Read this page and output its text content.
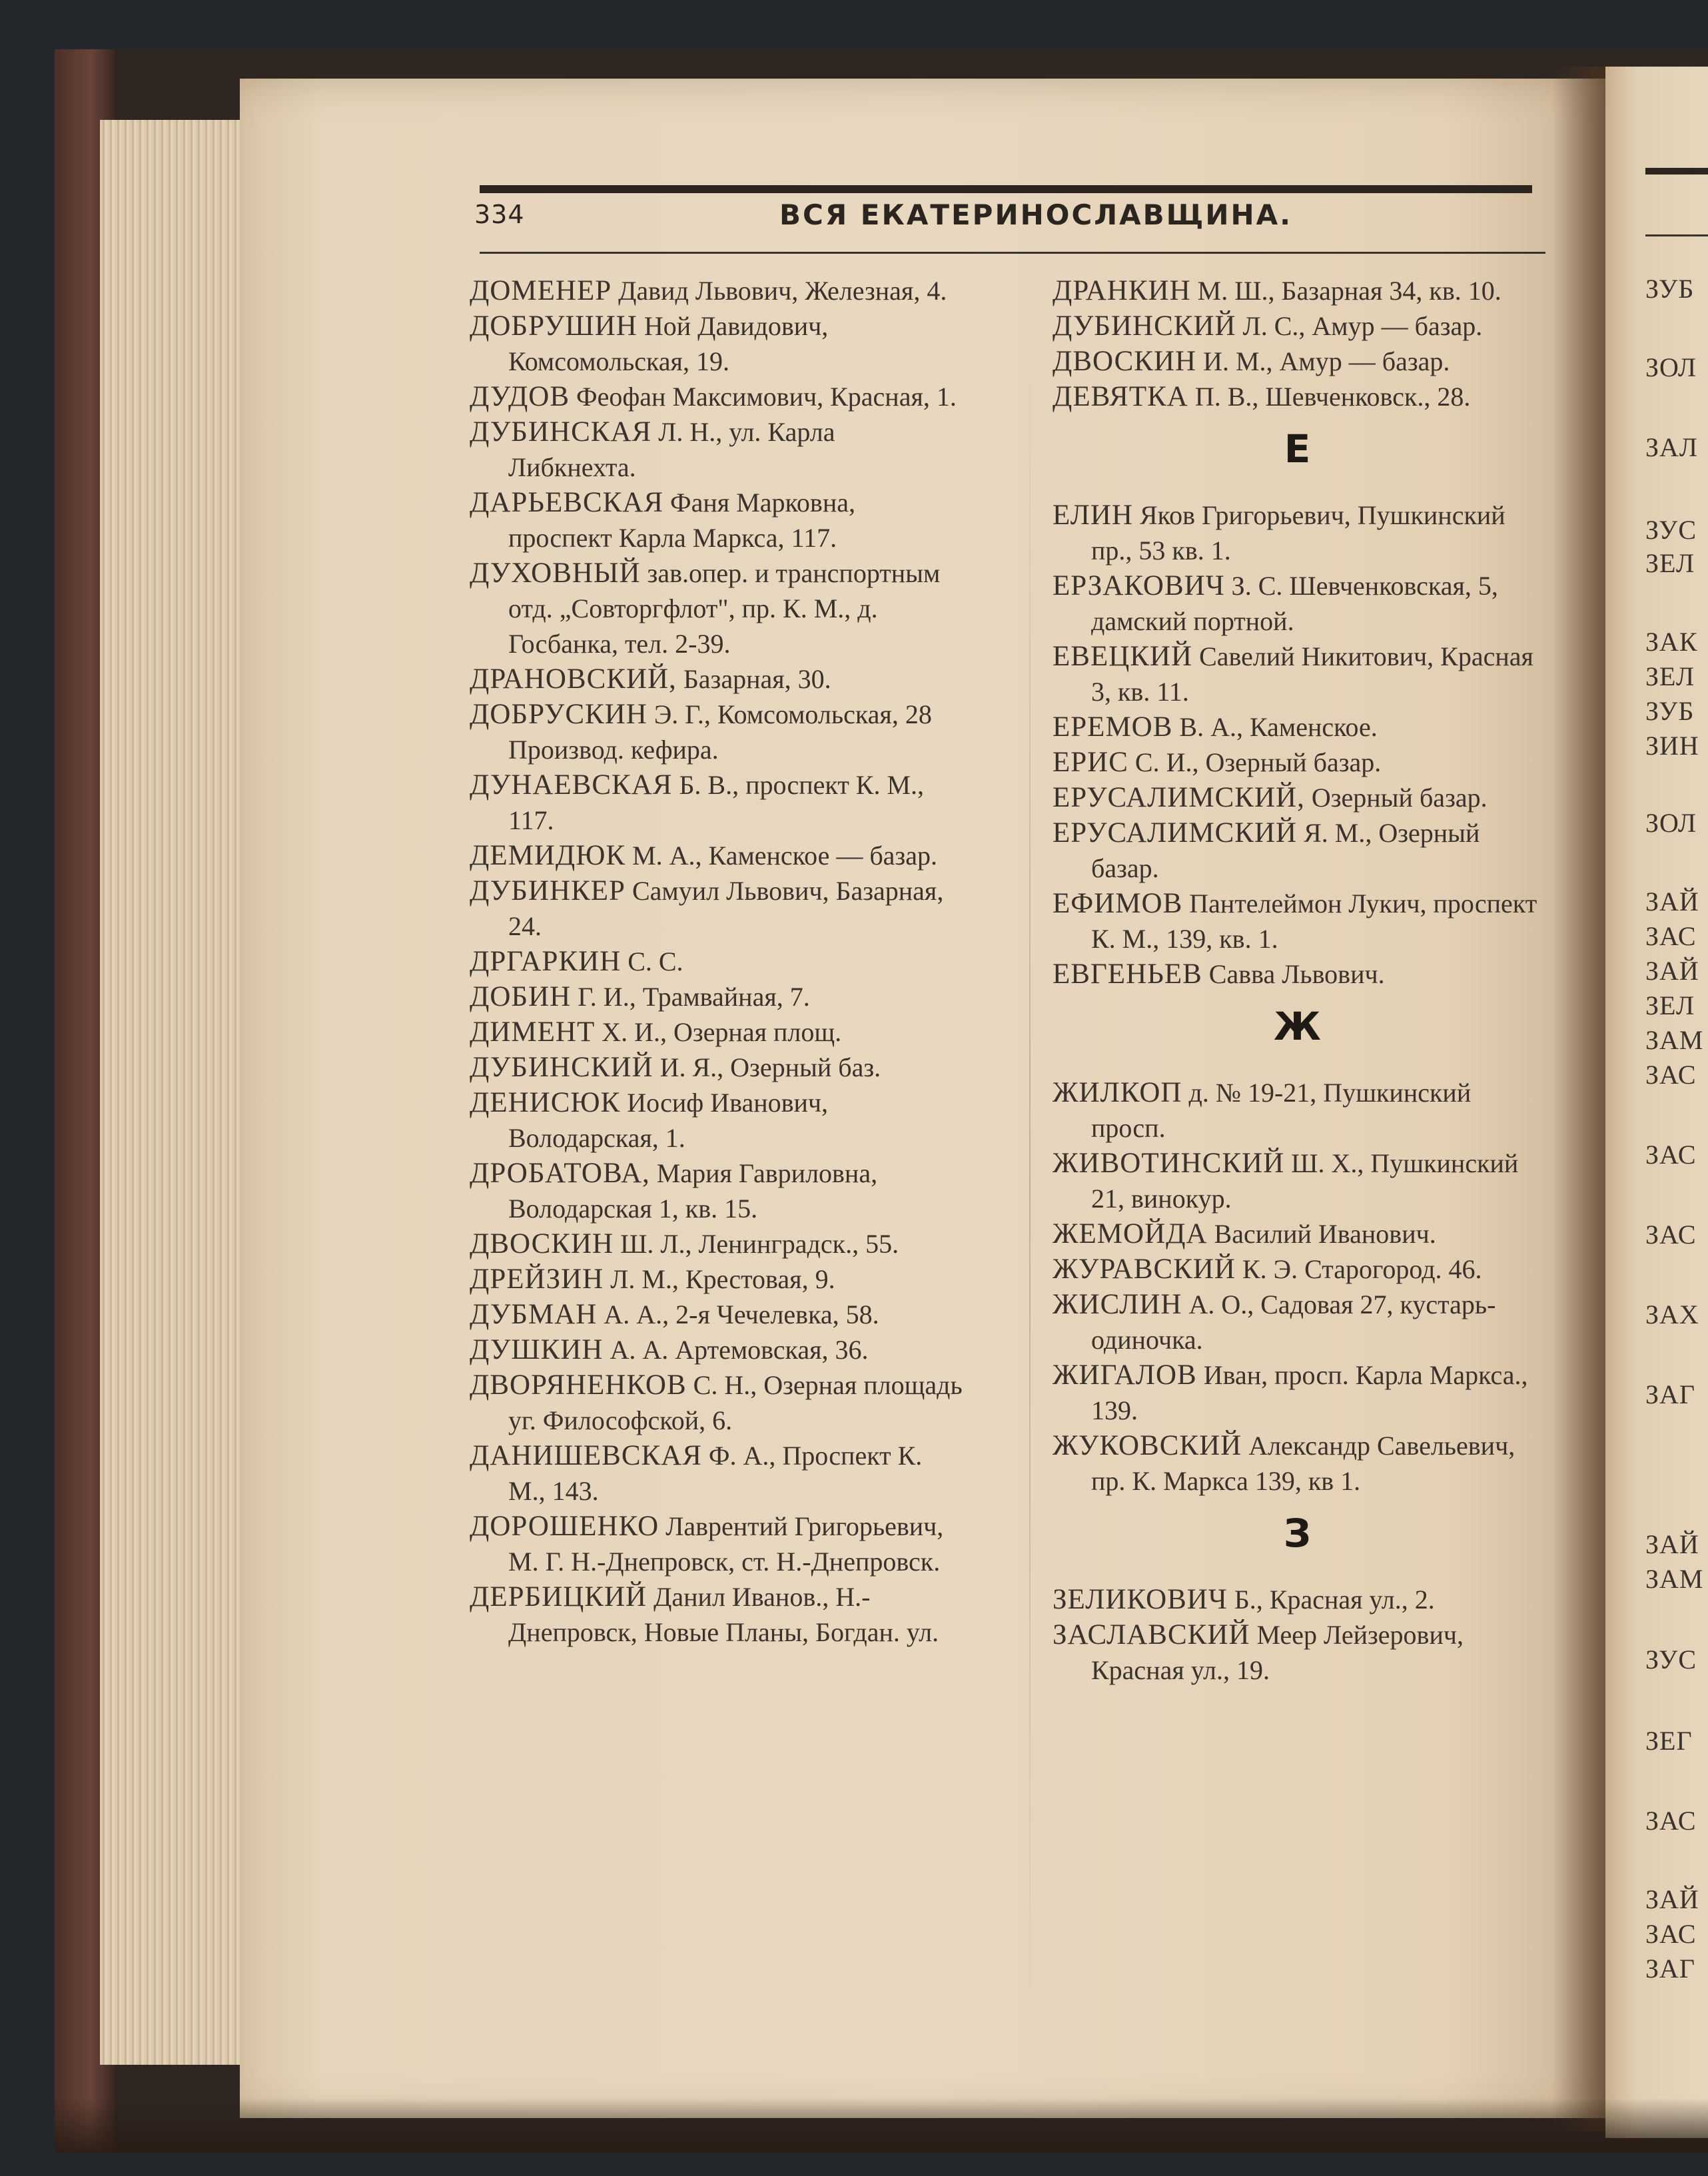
334	ВСЯ ЕКАТЕРИНОСЛАВЩИНА.

ДОМЕНЕР Давид Львович, Железная, 4.

ДОБРУШИН Ной Давидович, Комсомольская, 19.

ДУДОВ Феофан Максимович, Красная, 1.

ДУБИНСКАЯ Л. Н., ул. Карла Либкнехта.

ДАРЬЕВСКАЯ Фаня Марковна, проспект Карла Маркса, 117.

ДУХОВНЫЙ зав.опер. и транспортным отд. „Совторгфлот", пр. К. М., д. Госбанка, тел. 2-39.

ДРАНОВСКИЙ, Базарная, 30.

ДОБРУСКИН Э. Г., Комсомольская, 28 Производ. кефира.

ДУНАЕВСКАЯ Б. В., проспект К. М., 117.

ДЕМИДЮК М. А., Каменское — базар.

ДУБИНКЕР Самуил Львович, Базарная, 24.

ДРГАРКИН С. С.

ДОБИН Г. И., Трамвайная, 7.

ДИМЕНТ Х. И., Озерная площ.

ДУБИНСКИЙ И. Я., Озерный баз.

ДЕНИСЮК Иосиф Иванович, Володарская, 1.

ДРОБАТОВА, Мария Гавриловна, Володарская 1, кв. 15.

ДВОСКИН Ш. Л., Ленинградск., 55.

ДРЕЙЗИН Л. М., Крестовая, 9.

ДУБМАН А. А., 2-я Чечелевка, 58.

ДУШКИН А. А. Артемовская, 36.

ДВОРЯНЕНКОВ С. Н., Озерная площадь уг. Философской, 6.

ДАНИШЕВСКАЯ Ф. А., Проспект К. М., 143.

ДОРОШЕНКО Лаврентий Григорьевич, М. Г. Н.-Днепровск, ст. Н.-Днепровск.

ДЕРБИЦКИЙ Данил Иванов., Н.-Днепровск, Новые Планы, Богдан. ул.

ДРАНКИН М. Ш., Базарная 34, кв. 10.

ДУБИНСКИЙ Л. С., Амур — базар.

ДВОСКИН И. М., Амур — базар.

ДЕВЯТКА П. В., Шевченковск., 28.

Е

ЕЛИН Яков Григорьевич, Пушкинский пр., 53 кв. 1.

ЕРЗАКОВИЧ З. С. Шевченковская, 5, дамский портной.

ЕВЕЦКИЙ Савелий Никитович, Красная 3, кв. 11.

ЕРЕМОВ В. А., Каменское.

ЕРИС С. И., Озерный базар.

ЕРУСАЛИМСКИЙ, Озерный базар.

ЕРУСАЛИМСКИЙ Я. М., Озерный базар.

ЕФИМОВ Пантелеймон Лукич, проспект К. М., 139, кв. 1.

ЕВГЕНЬЕВ Савва Львович.

Ж

ЖИЛКОП д. № 19-21, Пушкинский просп.

ЖИВОТИНСКИЙ Ш. Х., Пушкинский 21, винокур.

ЖЕМОЙДА Василий Иванович.

ЖУРАВСКИЙ К. Э. Старогород. 46.

ЖИСЛИН А. О., Садовая 27, кустарь-одиночка.

ЖИГАЛОВ Иван, просп. Карла Маркса., 139.

ЖУКОВСКИЙ Александр Савельевич, пр. К. Маркса 139, кв 1.

З

ЗЕЛИКОВИЧ Б., Красная ул., 2.

ЗАСЛАВСКИЙ Меер Лейзерович, Красная ул., 19.

ЗУБ
ЗОЛ
ЗАЛ
ЗУС
ЗЕЛ
ЗАК
ЗЕЛ
ЗУБ
ЗИН
ЗОЛ
ЗАЙ
ЗАС
ЗАЙ
ЗЕЛ
ЗАМ
ЗАС
ЗАС
ЗАС
ЗАХ
ЗАГ
ЗАЙ
ЗАМ
ЗУС
ЗЕГ
ЗАС
ЗАЙ
ЗАС
ЗАГ
